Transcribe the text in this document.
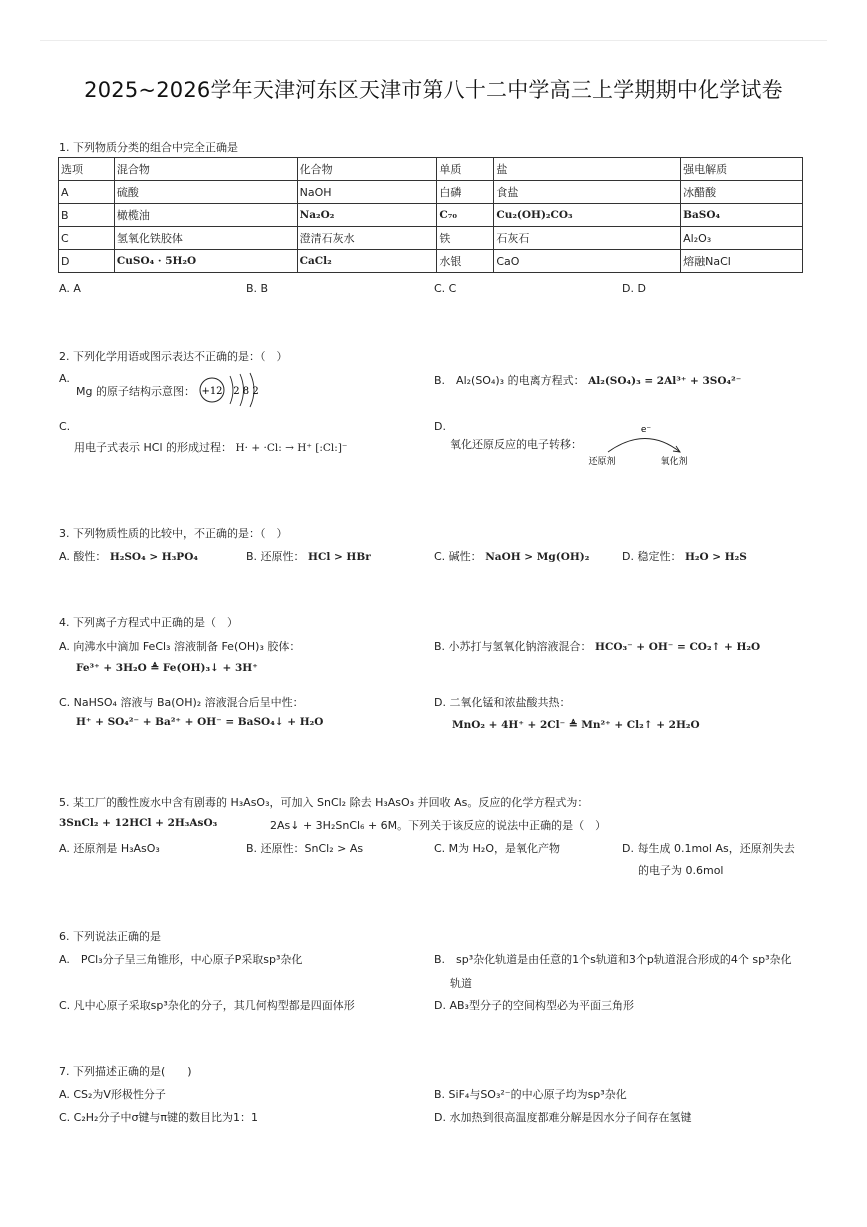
2025~2026学年天津河东区天津市第八十二中学高三上学期期中化学试卷
1. 下列物质分类的组合中完全正确是
选项	混合物	化合物	单质	盐	强电解质
A	硫酸	NaOH	白磷	食盐	冰醋酸
B	橄榄油	Na₂O₂	C₇₀	Cu₂(OH)₂CO₃	BaSO₄
C	氢氧化铁胶体	澄清石灰水	铁	石灰石	Al₂O₃
D	CuSO₄ · 5H₂O	CaCl₂	水银	CaO	熔融NaCl
A. A	B. B	C. C	D. D
2. 下列化学用语或图示表达不正确的是：（　）
A.
Mg 的原子结构示意图： +12 2 8 2
B.　Al₂(SO₄)₃ 的电离方程式： Al₂(SO₄)₃ = 2Al³⁺ + 3SO₄²⁻
C.
用电子式表示 HCl 的形成过程： H· + ·Cl: → H⁺ [:Cl:]⁻
D.
氧化还原反应的电子转移：
e⁻
还原剂	氧化剂
3. 下列物质性质的比较中，不正确的是：（　）
A. 酸性： H₂SO₄ > H₃PO₄	B. 还原性： HCl > HBr	C. 碱性： NaOH > Mg(OH)₂	D. 稳定性： H₂O > H₂S
4. 下列离子方程式中正确的是（　）
A. 向沸水中滴加 FeCl₃ 溶液制备 Fe(OH)₃ 胶体：
Fe³⁺ + 3H₂O ≜ Fe(OH)₃↓ + 3H⁺
B. 小苏打与氢氧化钠溶液混合： HCO₃⁻ + OH⁻ = CO₂↑ + H₂O
C. NaHSO₄ 溶液与 Ba(OH)₂ 溶液混合后呈中性：
H⁺ + SO₄²⁻ + Ba²⁺ + OH⁻ = BaSO₄↓ + H₂O
D. 二氧化锰和浓盐酸共热：
MnO₂ + 4H⁺ + 2Cl⁻ ≜ Mn²⁺ + Cl₂↑ + 2H₂O
5. 某工厂的酸性废水中含有剧毒的 H₃AsO₃，可加入 SnCl₂ 除去 H₃AsO₃ 并回收 As。反应的化学方程式为：
3SnCl₂ + 12HCl + 2H₃AsO₃	2As↓ + 3H₂SnCl₆ + 6M。下列关于该反应的说法中正确的是（　）
A. 还原剂是 H₃AsO₃	B. 还原性：SnCl₂ > As	C. M为 H₂O，是氧化产物	D. 每生成 0.1mol As，还原剂失去
的电子为 0.6mol
6. 下列说法正确的是
A.　PCl₃分子呈三角锥形，中心原子P采取sp³杂化	B.　sp³杂化轨道是由任意的1个s轨道和3个p轨道混合形成的4个 sp³杂化
轨道
C. 凡中心原子采取sp³杂化的分子，其几何构型都是四面体形	D. AB₃型分子的空间构型必为平面三角形
7. 下列描述正确的是(　　)
A. CS₂为V形极性分子	B. SiF₄与SO₃²⁻的中心原子均为sp³杂化
C. C₂H₂分子中σ键与π键的数目比为1：1	D. 水加热到很高温度都难分解是因水分子间存在氢键
